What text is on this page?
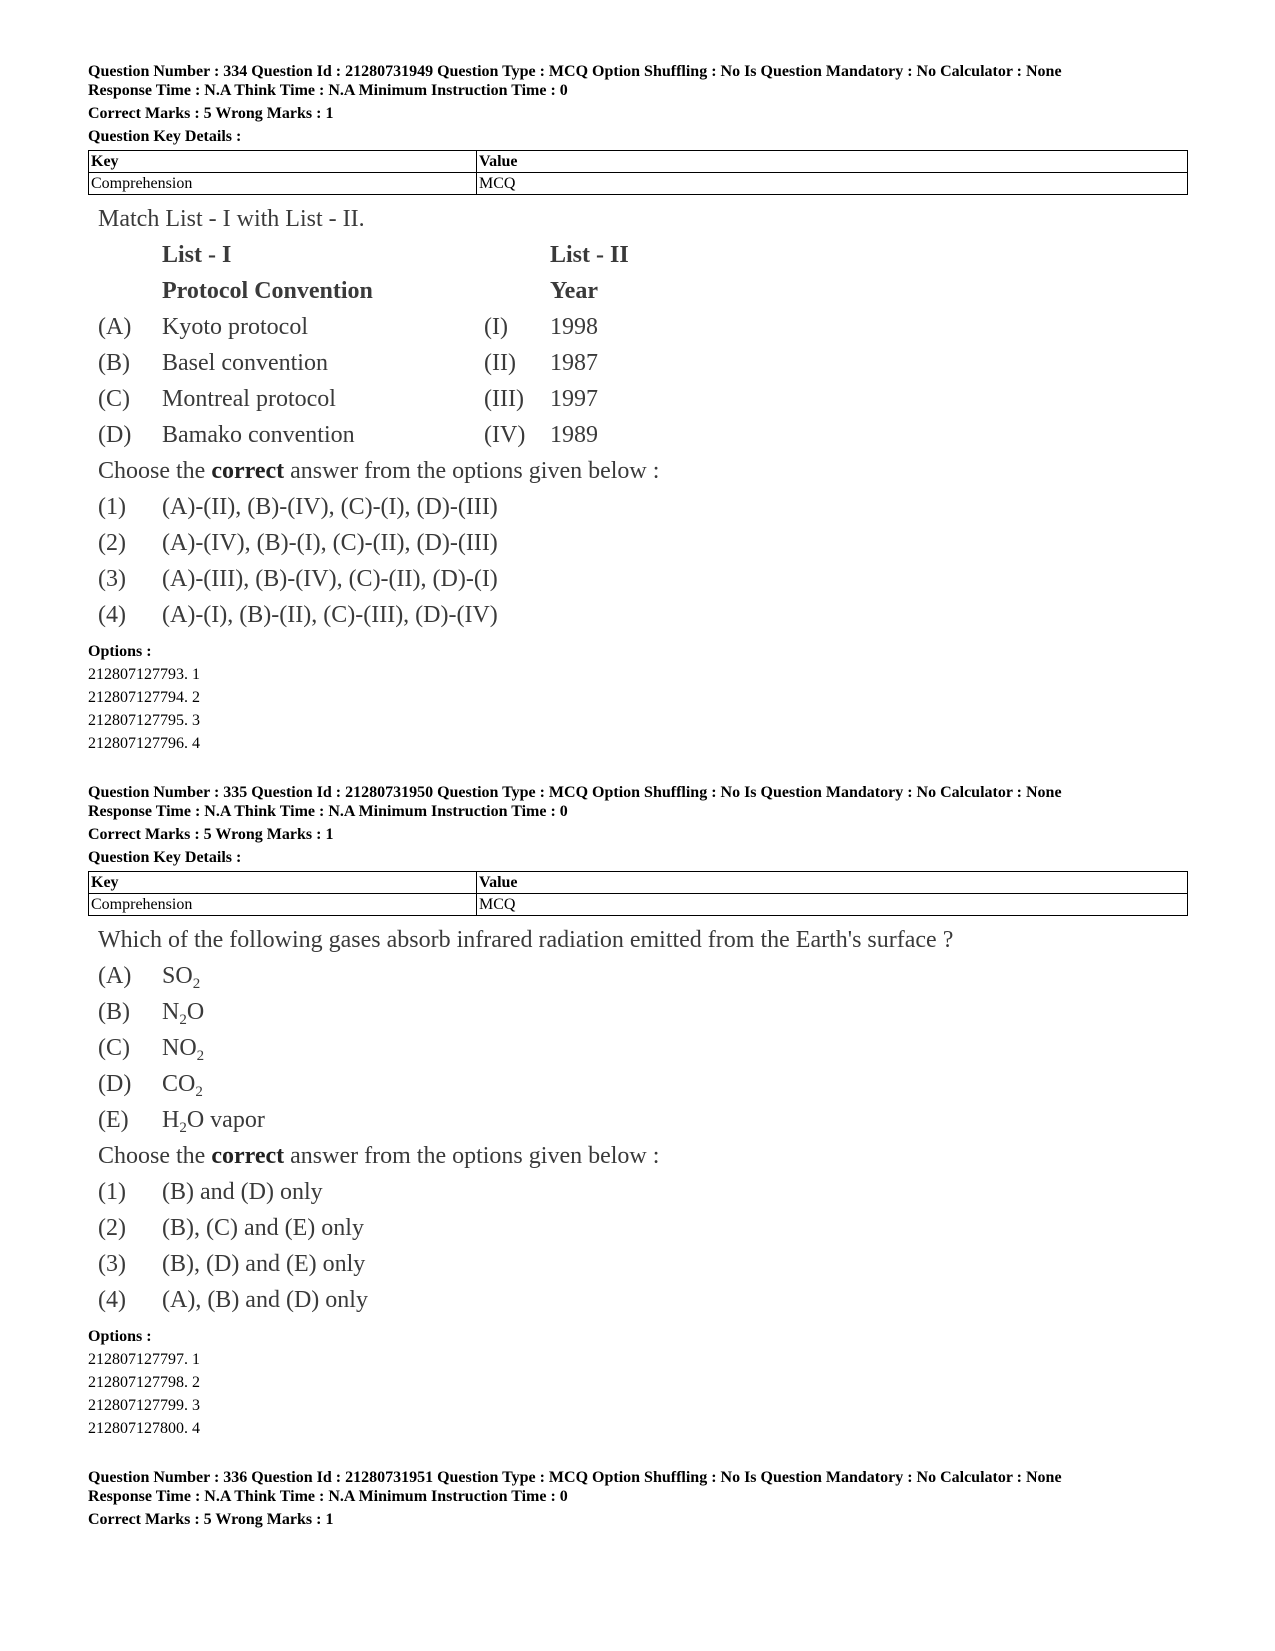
Question Number : 334 Question Id : 21280731949 Question Type : MCQ Option Shuffling : No Is Question Mandatory : No Calculator : None

Response Time : N.A Think Time : N.A Minimum Instruction Time : 0

Correct Marks : 5 Wrong Marks : 1

Question Key Details :

Key	Value
Comprehension	MCQ
Match List - I with List - II.
List - I	List - II
Protocol Convention	Year
(A) Kyoto protocol	(I) 1998
(B) Basel convention	(II) 1987
(C) Montreal protocol	(III) 1997
(D) Bamako convention	(IV) 1989
Choose the correct answer from the options given below :
(1) (A)-(II), (B)-(IV), (C)-(I), (D)-(III)
(2) (A)-(IV), (B)-(I), (C)-(II), (D)-(III)
(3) (A)-(III), (B)-(IV), (C)-(II), (D)-(I)
(4) (A)-(I), (B)-(II), (C)-(III), (D)-(IV)
Options :
212807127793. 1
212807127794. 2
212807127795. 3
212807127796. 4

Question Number : 335 Question Id : 21280731950 Question Type : MCQ Option Shuffling : No Is Question Mandatory : No Calculator : None

Response Time : N.A Think Time : N.A Minimum Instruction Time : 0

Correct Marks : 5 Wrong Marks : 1

Question Key Details :

Key	Value
Comprehension	MCQ
Which of the following gases absorb infrared radiation emitted from the Earth's surface ?
(A) $SO_2$
(B) $N_2O$
(C) $NO_2$
(D) $CO_2$
(E) $H_2O$ vapor
Choose the correct answer from the options given below :
(1) (B) and (D) only
(2) (B), (C) and (E) only
(3) (B), (D) and (E) only
(4) (A), (B) and (D) only
Options :
212807127797. 1
212807127798. 2
212807127799. 3
212807127800. 4

Question Number : 336 Question Id : 21280731951 Question Type : MCQ Option Shuffling : No Is Question Mandatory : No Calculator : None

Response Time : N.A Think Time : N.A Minimum Instruction Time : 0

Correct Marks : 5 Wrong Marks : 1
